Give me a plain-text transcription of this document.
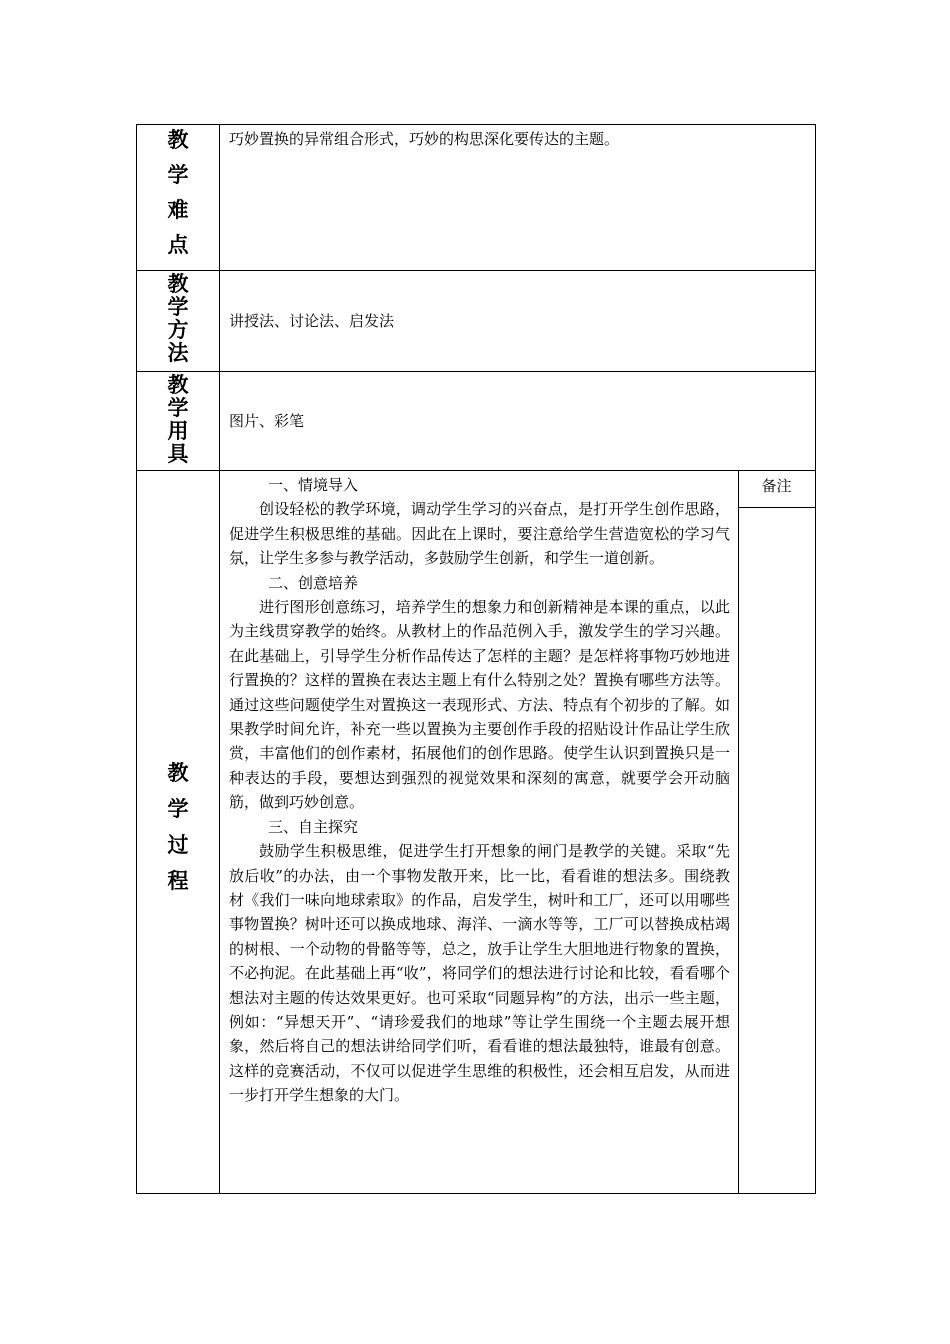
教
学
难
点
巧妙置换的异常组合形式，巧妙的构思深化要传达的主题。
教
学
方
法
讲授法、讨论法、启发法
教
学
用
具
图片、彩笔
教
学
过
程
备注

一、情境导入

创设轻松的教学环境，调动学生学习的兴奋点，是打开学生创作思路，促进学生积极思维的基础。因此在上课时，要注意给学生营造宽松的学习气氛，让学生多参与教学活动，多鼓励学生创新，和学生一道创新。

二、创意培养

进行图形创意练习，培养学生的想象力和创新精神是本课的重点，以此为主线贯穿教学的始终。从教材上的作品范例入手，激发学生的学习兴趣。在此基础上，引导学生分析作品传达了怎样的主题？是怎样将事物巧妙地进行置换的？这样的置换在表达主题上有什么特别之处？置换有哪些方法等。通过这些问题使学生对置换这一表现形式、方法、特点有个初步的了解。如果教学时间允许，补充一些以置换为主要创作手段的招贴设计作品让学生欣赏，丰富他们的创作素材，拓展他们的创作思路。使学生认识到置换只是一种表达的手段，要想达到强烈的视觉效果和深刻的寓意，就要学会开动脑筋，做到巧妙创意。

三、自主探究

鼓励学生积极思维，促进学生打开想象的闸门是教学的关键。采取“先放后收”的办法，由一个事物发散开来，比一比，看看谁的想法多。围绕教材《我们一味向地球索取》的作品，启发学生，树叶和工厂，还可以用哪些事物置换？树叶还可以换成地球、海洋、一滴水等等，工厂可以替换成枯竭的树根、一个动物的骨骼等等，总之，放手让学生大胆地进行物象的置换，不必拘泥。在此基础上再“收”，将同学们的想法进行讨论和比较，看看哪个想法对主题的传达效果更好。也可采取“同题异构”的方法，出示一些主题，例如：“异想天开”、“请珍爱我们的地球”等让学生围绕一个主题去展开想象，然后将自己的想法讲给同学们听，看看谁的想法最独特，谁最有创意。这样的竞赛活动，不仅可以促进学生思维的积极性，还会相互启发，从而进一步打开学生想象的大门。
